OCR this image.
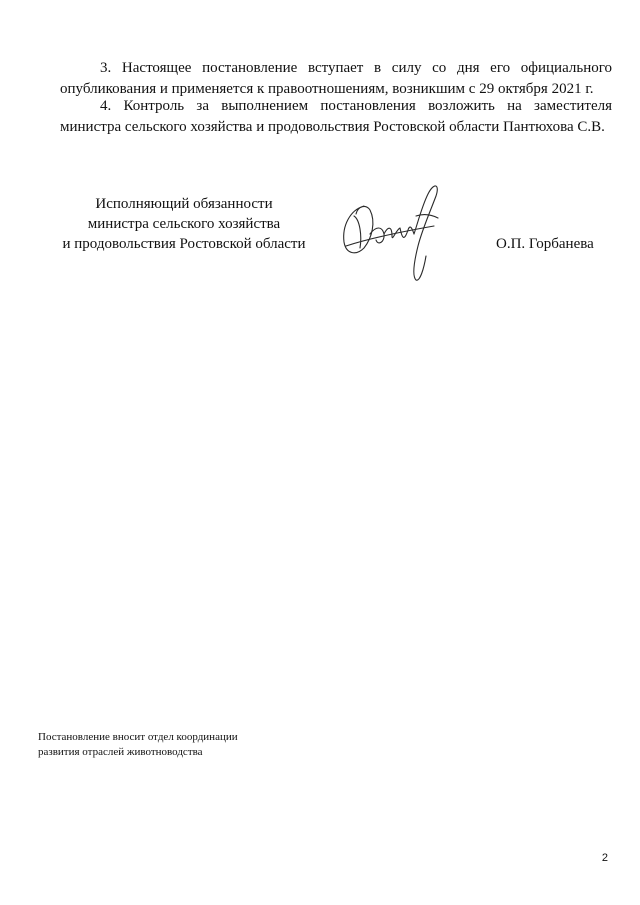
3. Настоящее постановление вступает в силу со дня его официального опубликования и применяется к правоотношениям, возникшим с 29 октября 2021 г.
4. Контроль за выполнением постановления возложить на заместителя министра сельского хозяйства и продовольствия Ростовской области Пантюхова С.В.
Исполняющий обязанности
министра сельского хозяйства
и продовольствия Ростовской области	О.П. Горбанева
Постановление вносит отдел координации
развития отраслей животноводства
2
